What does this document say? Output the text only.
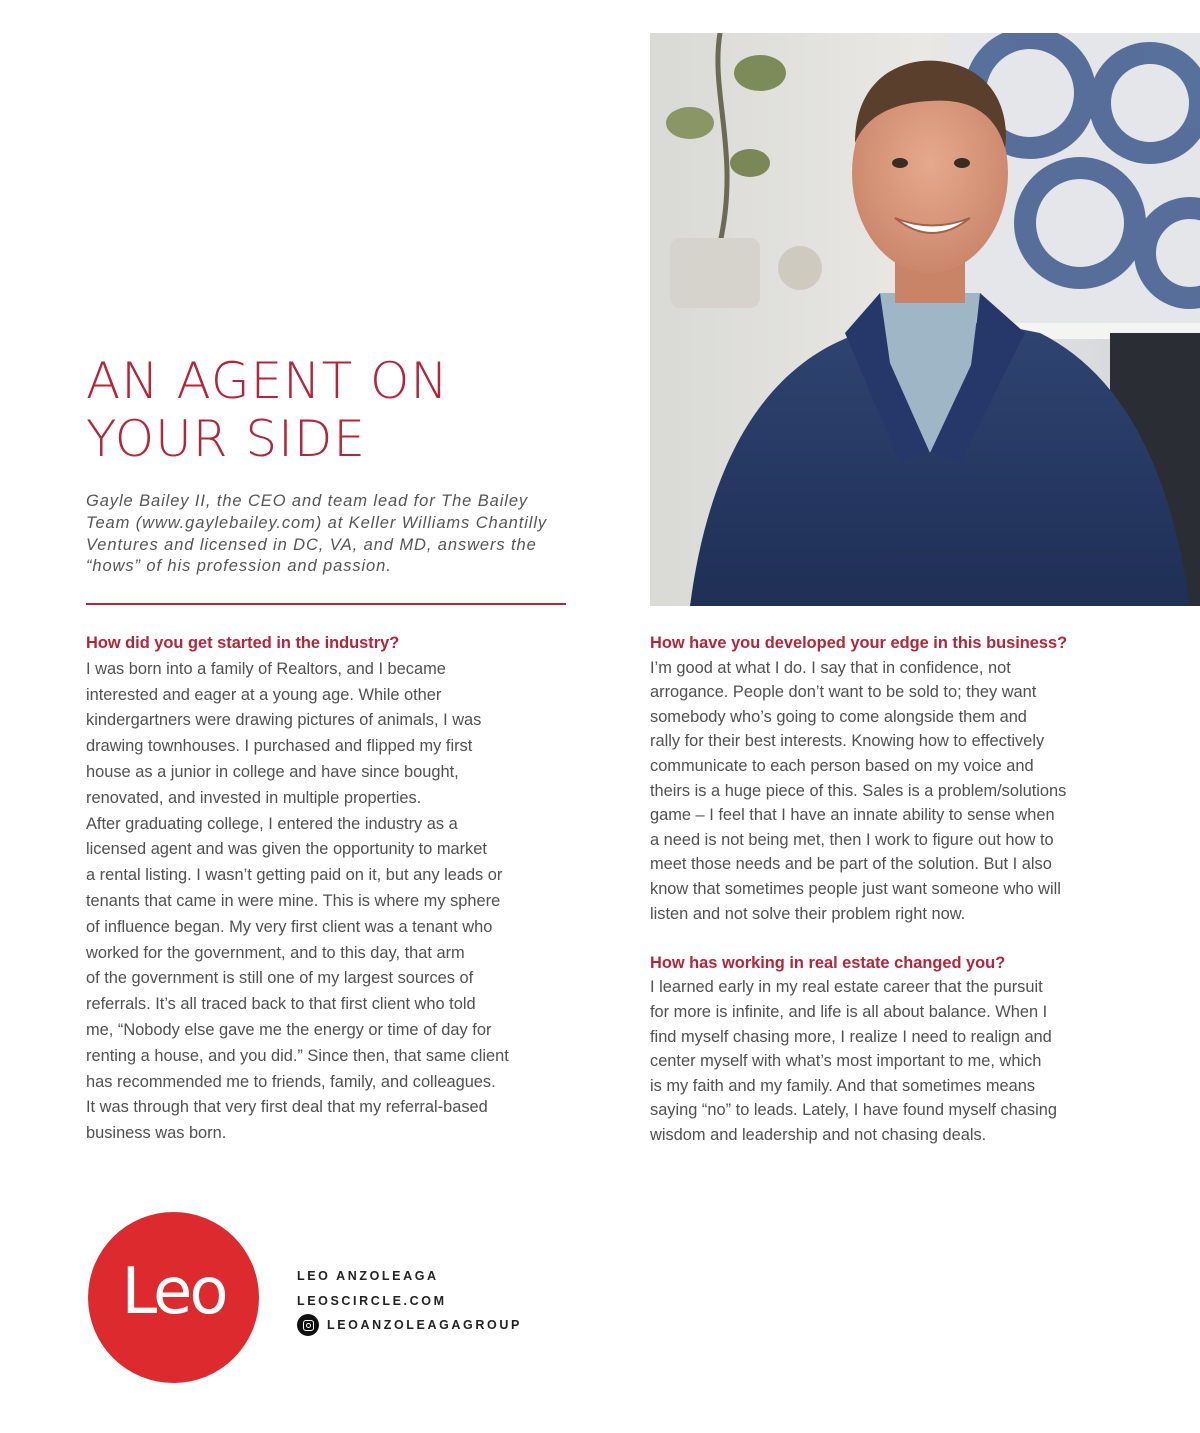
AN AGENT ON
YOUR SIDE

Gayle Bailey II, the CEO and team lead for The Bailey
Team (www.gaylebailey.com) at Keller Williams Chantilly
Ventures and licensed in DC, VA, and MD, answers the
“hows” of his profession and passion.

How did you get started in the industry?

I was born into a family of Realtors, and I became
interested and eager at a young age. While other
kindergartners were drawing pictures of animals, I was
drawing townhouses. I purchased and flipped my first
house as a junior in college and have since bought,
renovated, and invested in multiple properties.
After graduating college, I entered the industry as a
licensed agent and was given the opportunity to market
a rental listing. I wasn’t getting paid on it, but any leads or
tenants that came in were mine. This is where my sphere
of influence began. My very first client was a tenant who
worked for the government, and to this day, that arm
of the government is still one of my largest sources of
referrals. It’s all traced back to that first client who told
me, “Nobody else gave me the energy or time of day for
renting a house, and you did.” Since then, that same client
has recommended me to friends, family, and colleagues.
It was through that very first deal that my referral-based
business was born.

How have you developed your edge in this business?

I’m good at what I do. I say that in confidence, not
arrogance. People don’t want to be sold to; they want
somebody who’s going to come alongside them and
rally for their best interests. Knowing how to effectively
communicate to each person based on my voice and
theirs is a huge piece of this. Sales is a problem/solutions
game – I feel that I have an innate ability to sense when
a need is not being met, then I work to figure out how to
meet those needs and be part of the solution. But I also
know that sometimes people just want someone who will
listen and not solve their problem right now.

How has working in real estate changed you?

I learned early in my real estate career that the pursuit
for more is infinite, and life is all about balance. When I
find myself chasing more, I realize I need to realign and
center myself with what’s most important to me, which
is my faith and my family. And that sometimes means
saying “no” to leads. Lately, I have found myself chasing
wisdom and leadership and not chasing deals.

Leo	LEO ANZOLEAGA
LEOSCIRCLE.COM
LEOANZOLEAGAGROUP
